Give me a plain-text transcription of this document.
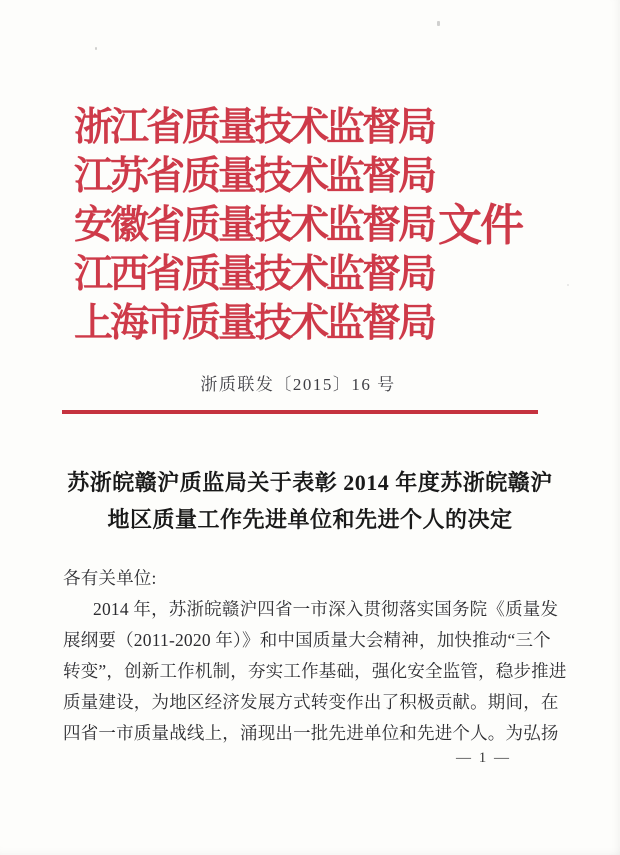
浙江省质量技术监督局
江苏省质量技术监督局
安徽省质量技术监督局
江西省质量技术监督局
上海市质量技术监督局
文件
浙质联发〔2015〕16 号
苏浙皖赣沪质监局关于表彰 2014 年度苏浙皖赣沪
地区质量工作先进单位和先进个人的决定
各有关单位:
2014 年，苏浙皖赣沪四省一市深入贯彻落实国务院《质量发
展纲要（2011-2020 年）》和中国质量大会精神，加快推动“三个
转变”，创新工作机制，夯实工作基础，强化安全监管，稳步推进
质量建设，为地区经济发展方式转变作出了积极贡献。期间，在
四省一市质量战线上，涌现出一批先进单位和先进个人。为弘扬
— 1 —
